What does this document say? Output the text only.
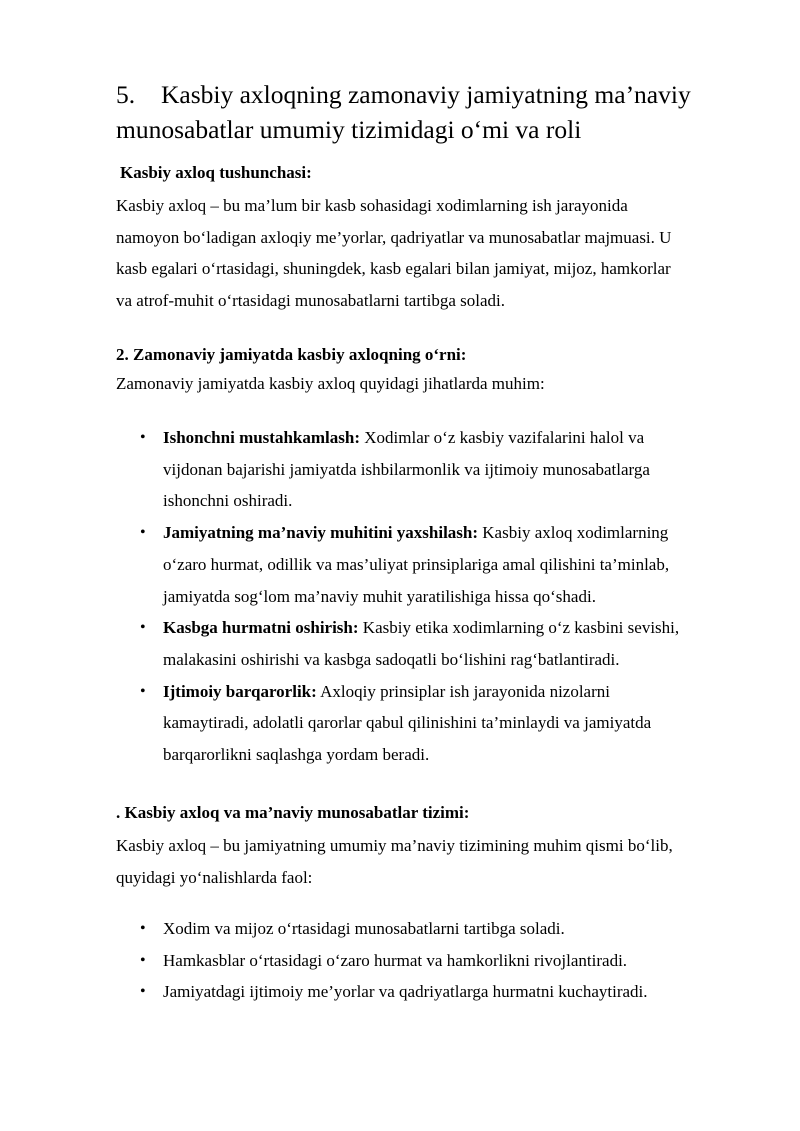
5. Kasbiy axloqning zamonaviy jamiyatning ma’naviy
munosabatlar umumiy tizimidagi o‘mi va roli
Kasbiy axloq tushunchasi:
Kasbiy axloq – bu ma’lum bir kasb sohasidagi xodimlarning ish jarayonida
namoyon bo‘ladigan axloqiy me’yorlar, qadriyatlar va munosabatlar majmuasi. U
kasb egalari o‘rtasidagi, shuningdek, kasb egalari bilan jamiyat, mijoz, hamkorlar
va atrof-muhit o‘rtasidagi munosabatlarni tartibga soladi.
2. Zamonaviy jamiyatda kasbiy axloqning o‘rni:
Zamonaviy jamiyatda kasbiy axloq quyidagi jihatlarda muhim:
• Ishonchni mustahkamlash: Xodimlar o‘z kasbiy vazifalarini halol va
vijdonan bajarishi jamiyatda ishbilarmonlik va ijtimoiy munosabatlarga
ishonchni oshiradi.
• Jamiyatning ma’naviy muhitini yaxshilash: Kasbiy axloq xodimlarning
o‘zaro hurmat, odillik va mas’uliyat prinsiplariga amal qilishini ta’minlab,
jamiyatda sog‘lom ma’naviy muhit yaratilishiga hissa qo‘shadi.
• Kasbga hurmatni oshirish: Kasbiy etika xodimlarning o‘z kasbini sevishi,
malakasini oshirishi va kasbga sadoqatli bo‘lishini rag‘batlantiradi.
• Ijtimoiy barqarorlik: Axloqiy prinsiplar ish jarayonida nizolarni
kamaytiradi, adolatli qarorlar qabul qilinishini ta’minlaydi va jamiyatda
barqarorlikni saqlashga yordam beradi.
. Kasbiy axloq va ma’naviy munosabatlar tizimi:
Kasbiy axloq – bu jamiyatning umumiy ma’naviy tizimining muhim qismi bo‘lib,
quyidagi yo‘nalishlarda faol:
• Xodim va mijoz o‘rtasidagi munosabatlarni tartibga soladi.
• Hamkasblar o‘rtasidagi o‘zaro hurmat va hamkorlikni rivojlantiradi.
• Jamiyatdagi ijtimoiy me’yorlar va qadriyatlarga hurmatni kuchaytiradi.
